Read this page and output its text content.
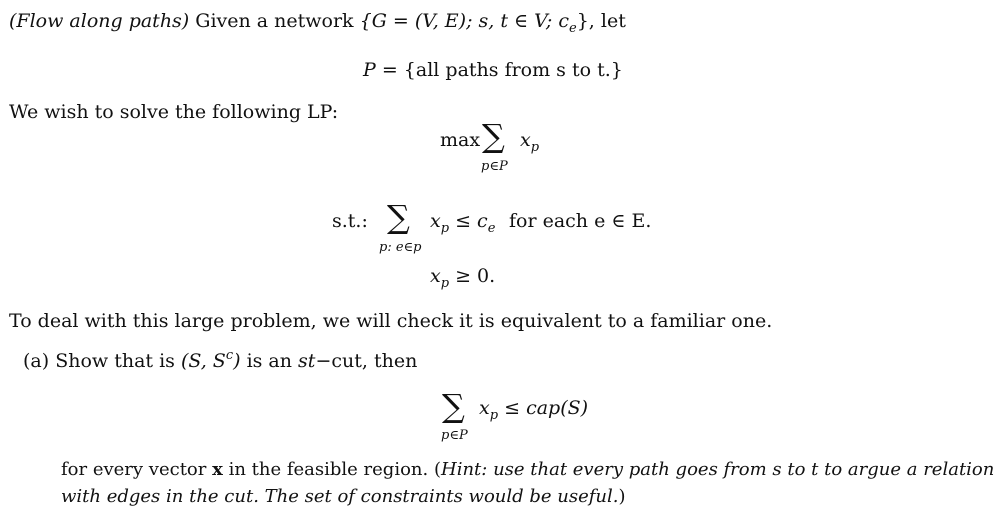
(Flow along paths) Given a network {G = (V, E); s, t ∈ V; $c_e$}, let
P = {all paths from s to t.}
We wish to solve the following LP:
max ∑ $x_p$
p∈P
s.t.: ∑ $x_p \le c_e$ for each e ∈ E.
p: e∈p
$x_p \ge 0$.
To deal with this large problem, we will check it is equivalent to a familiar one.
(a) Show that is (S, $S^c$) is an st−cut, then
∑ $x_p \le cap(S)$
p∈P
for every vector x in the feasible region. (Hint: use that every path goes from s to t to argue a relation
with edges in the cut. The set of constraints would be useful.)
